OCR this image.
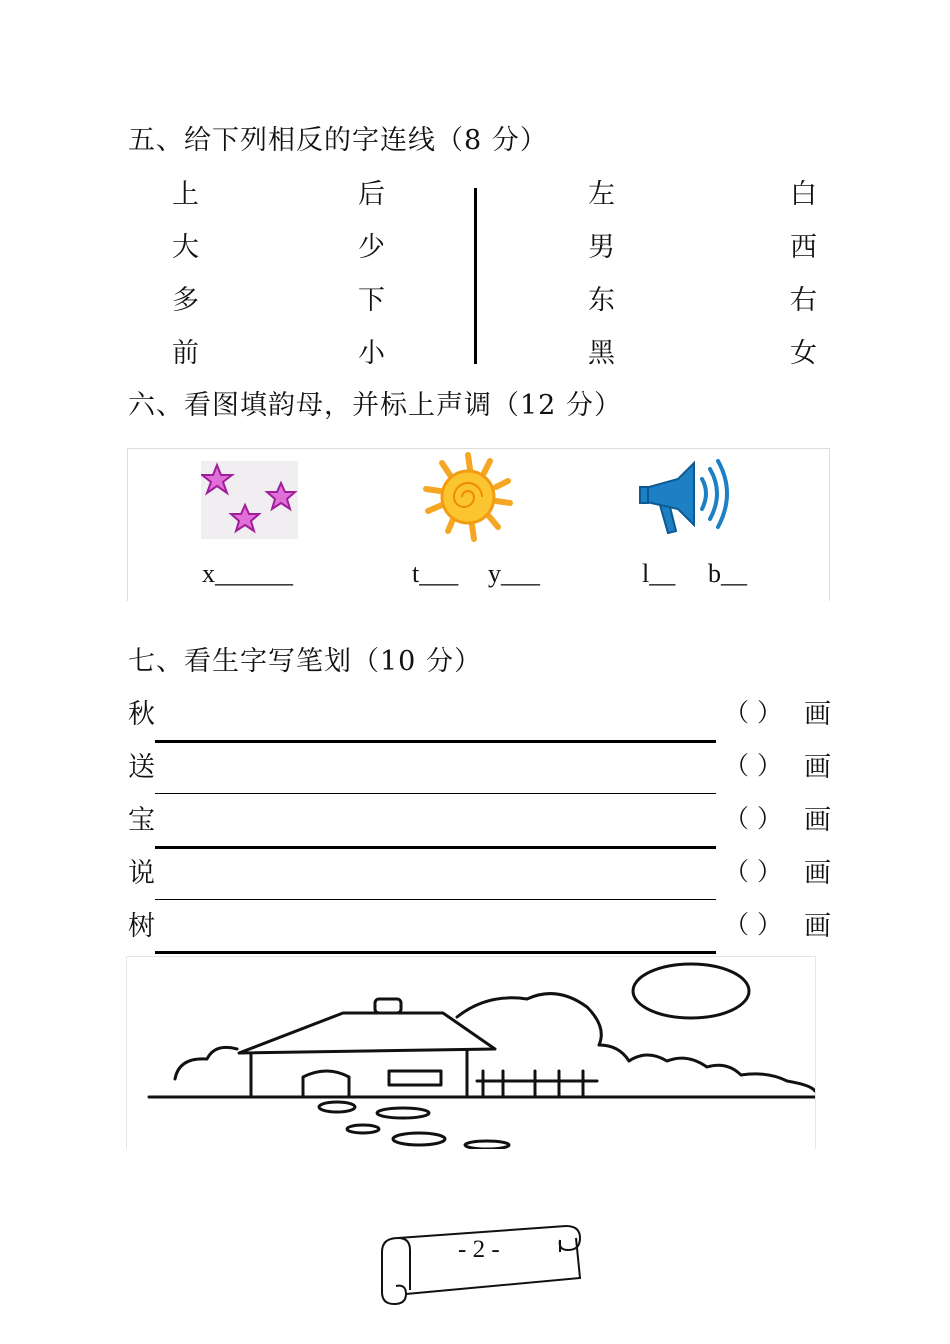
五、给下列相反的字连线（8 分）
上
大
多
前
后
少
下
小
左
男
东
黑
白
西
右
女
六、看图填韵母，并标上声调（12 分）
x______	t___ y___	l__ b__
七、看生字写笔划（10 分）
秋
送
宝
说
树
（ ）
（ ）
（ ）
（ ）
（ ）
画
画
画
画
画
- 2 -
